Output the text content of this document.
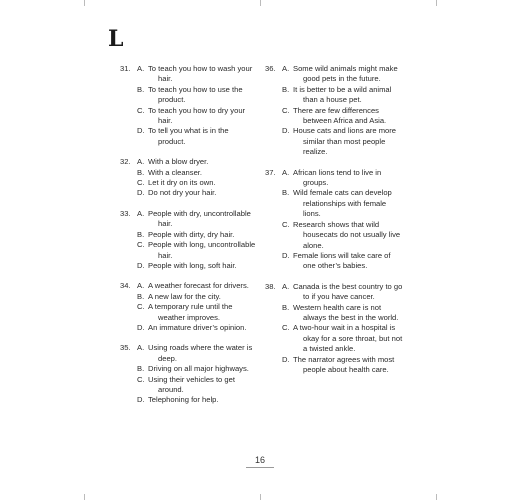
L
31. A. To teach you how to wash your hair.
B. To teach you how to use the product.
C. To teach you how to dry your hair.
D. To tell you what is in the product.
32. A. With a blow dryer.
B. With a cleanser.
C. Let it dry on its own.
D. Do not dry your hair.
33. A. People with dry, uncontrollable hair.
B. People with dirty, dry hair.
C. People with long, uncontrollable hair.
D. People with long, soft hair.
34. A. A weather forecast for drivers.
B. A new law for the city.
C. A temporary rule until the weather improves.
D. An immature driver’s opinion.
35. A. Using roads where the water is deep.
B. Driving on all major highways.
C. Using their vehicles to get around.
D. Telephoning for help.
36. A. Some wild animals might make good pets in the future.
B. It is better to be a wild animal than a house pet.
C. There are few differences between Africa and Asia.
D. House cats and lions are more similar than most people realize.
37. A. African lions tend to live in groups.
B. Wild female cats can develop relationships with female lions.
C. Research shows that wild housecats do not usually live alone.
D. Female lions will take care of one other’s babies.
38. A. Canada is the best country to go to if you have cancer.
B. Western health care is not always the best in the world.
C. A two-hour wait in a hospital is okay for a sore throat, but not a twisted ankle.
D. The narrator agrees with most people about health care.
16
